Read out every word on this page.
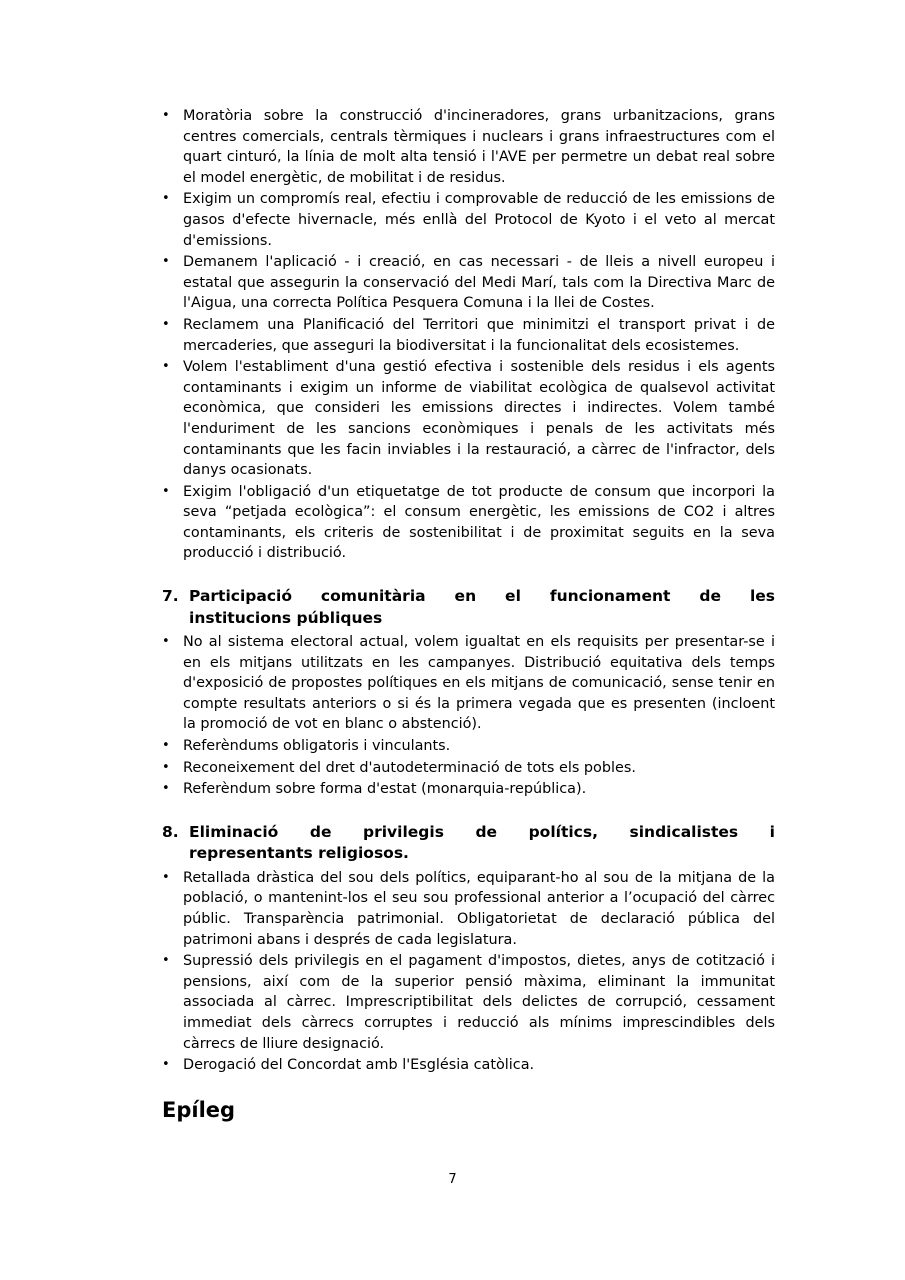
• Moratòria sobre la construcció d'incineradores, grans urbanitzacions, grans centres comercials, centrals tèrmiques i nuclears i grans infraestructures com el quart cinturó, la línia de molt alta tensió i l'AVE per permetre un debat real sobre el model energètic, de mobilitat i de residus.
• Exigim un compromís real, efectiu i comprovable de reducció de les emissions de gasos d'efecte hivernacle, més enllà del Protocol de Kyoto i el veto al mercat d'emissions.
• Demanem l'aplicació - i creació, en cas necessari - de lleis a nivell europeu i estatal que assegurin la conservació del Medi Marí, tals com la Directiva Marc de l'Aigua, una correcta Política Pesquera Comuna i la llei de Costes.
• Reclamem una Planificació del Territori que minimitzi el transport privat i de mercaderies, que asseguri la biodiversitat i la funcionalitat dels ecosistemes.
• Volem l'establiment d'una gestió efectiva i sostenible dels residus i els agents contaminants i exigim un informe de viabilitat ecològica de qualsevol activitat econòmica, que consideri les emissions directes i indirectes. Volem també l'enduriment de les sancions econòmiques i penals de les activitats més contaminants que les facin inviables i la restauració, a càrrec de l'infractor, dels danys ocasionats.
• Exigim l'obligació d'un etiquetatge de tot producte de consum que incorpori la seva “petjada ecològica”: el consum energètic, les emissions de CO2 i altres contaminants, els criteris de sostenibilitat i de proximitat seguits en la seva producció i distribució.
7. Participació comunitària en el funcionament de les
institucions públiques
• No al sistema electoral actual, volem igualtat en els requisits per presentar-se i en els mitjans utilitzats en les campanyes. Distribució equitativa dels temps d'exposició de propostes polítiques en els mitjans de comunicació, sense tenir en compte resultats anteriors o si és la primera vegada que es presenten (incloent la promoció de vot en blanc o abstenció).
• Referèndums obligatoris i vinculants.
• Reconeixement del dret d'autodeterminació de tots els pobles.
• Referèndum sobre forma d'estat (monarquia-república).
8. Eliminació de privilegis de polítics, sindicalistes i
representants religiosos.
• Retallada dràstica del sou dels polítics, equiparant-ho al sou de la mitjana de la població, o mantenint-los el seu sou professional anterior a l’ocupació del càrrec públic. Transparència patrimonial. Obligatorietat de declaració pública del patrimoni abans i després de cada legislatura.
• Supressió dels privilegis en el pagament d'impostos, dietes, anys de cotització i pensions, així com de la superior pensió màxima, eliminant la immunitat associada al càrrec. Imprescriptibilitat dels delictes de corrupció, cessament immediat dels càrrecs corruptes i reducció als mínims imprescindibles dels càrrecs de lliure designació.
• Derogació del Concordat amb l'Església catòlica.
Epíleg
7
